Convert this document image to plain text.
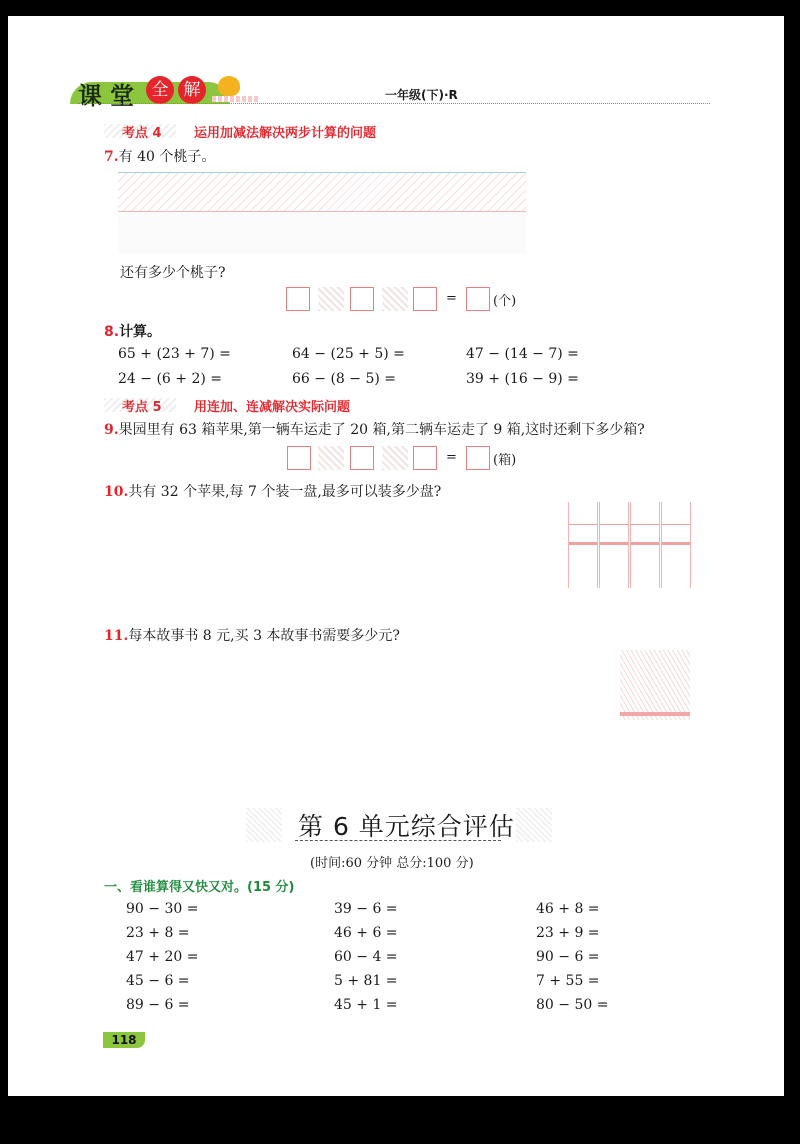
课 堂	全 解	一年级(下)·R
考点 4 运用加减法解决两步计算的问题
7.有 40 个桃子。
还有多少个桃子?
=	(个)
8.计算。
65 + (23 + 7) =	64 − (25 + 5) =	47 − (14 − 7) =
24 − (6 + 2) =	66 − (8 − 5) =	39 + (16 − 9) =
考点 5 用连加、连减解决实际问题
9.果园里有 63 箱苹果,第一辆车运走了 20 箱,第二辆车运走了 9 箱,这时还剩下多少箱?
=	(箱)
10.共有 32 个苹果,每 7 个装一盘,最多可以装多少盘?
11.每本故事书 8 元,买 3 本故事书需要多少元?
第 6 单元综合评估
(时间:60 分钟 总分:100 分)
一、看谁算得又快又对。(15 分)
90 − 30 =	39 − 6 =	46 + 8 =
23 + 8 =	46 + 6 =	23 + 9 =
47 + 20 =	60 − 4 =	90 − 6 =
45 − 6 =	5 + 81 =	7 + 55 =
89 − 6 =	45 + 1 =	80 − 50 =
118
